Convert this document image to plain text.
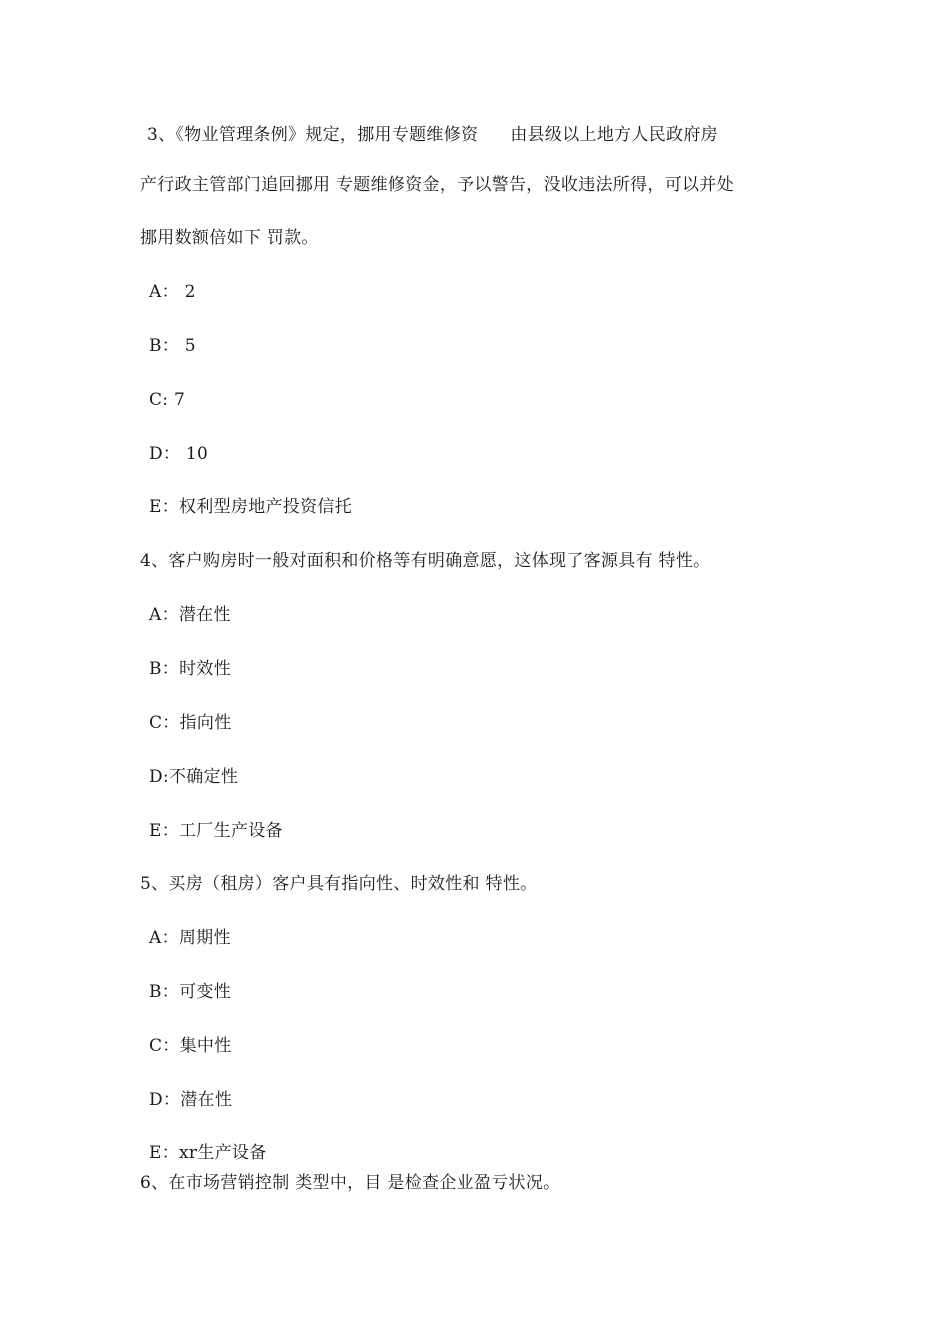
3、《物业管理条例》规定，挪用专题维修资 由县级以上地方人民政府房
产行政主管部门追回挪用 专题维修资金，予以警告，没收违法所得，可以并处
挪用数额倍如下 罚款。
A： 2
B： 5
C: 7
D： 10
E：权利型房地产投资信托
4、客户购房时一般对面积和价格等有明确意愿，这体现了客源具有 特性。
A：潜在性
B：时效性
C：指向性
D:不确定性
E：工厂生产设备
5、买房（租房）客户具有指向性、时效性和 特性。
A：周期性
B：可变性
C：集中性
D：潜在性
E：xr生产设备
6、在市场营销控制 类型中，目 是检查企业盈亏状况。
